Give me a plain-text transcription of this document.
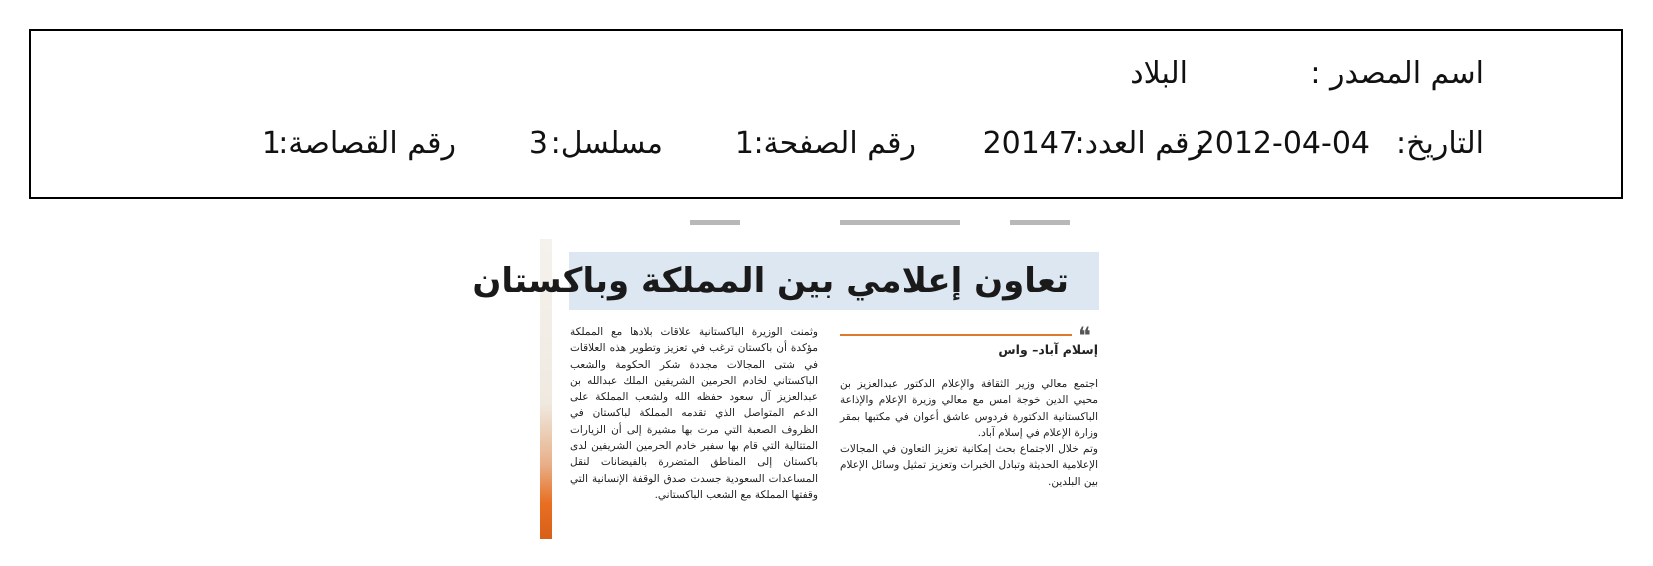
اسم المصدر :
البلاد
التاريخ:
2012-04-04
رقم العدد:
20147
رقم الصفحة:
1
مسلسل:
3
رقم القصاصة:
1
تعاون إعلامي بين المملكة وباكستان
❝
إسلام آباد– واس
اجتمع معالي وزير الثقافة والإعلام الدكتور عبدالعزيز بن محيي الدين خوجة امس مع معالي وزيرة الإعلام والإذاعة الباكستانية الدكتورة فردوس عاشق أعوان في مكتبها بمقر وزارة الإعلام في إسلام آباد.
وتم خلال الاجتماع بحث إمكانية تعزيز التعاون في المجالات الإعلامية الحديثة وتبادل الخبرات وتعزيز تمثيل وسائل الإعلام بين البلدين.
وثمنت الوزيرة الباكستانية علاقات بلادها مع المملكة مؤكدة أن باكستان ترغب في تعزيز وتطوير هذه العلاقات في شتى المجالات مجددة شكر الحكومة والشعب الباكستاني لخادم الحرمين الشريفين الملك عبدالله بن عبدالعزيز آل سعود حفظه الله ولشعب المملكة على الدعم المتواصل الذي تقدمه المملكة لباكستان في الظروف الصعبة التي مرت بها مشيرة إلى أن الزيارات المتتالية التي قام بها سفير خادم الحرمين الشريفين لدى باكستان إلى المناطق المتضررة بالفيضانات لنقل المساعدات السعودية جسدت صدق الوقفة الإنسانية التي وقفتها المملكة مع الشعب الباكستاني.
